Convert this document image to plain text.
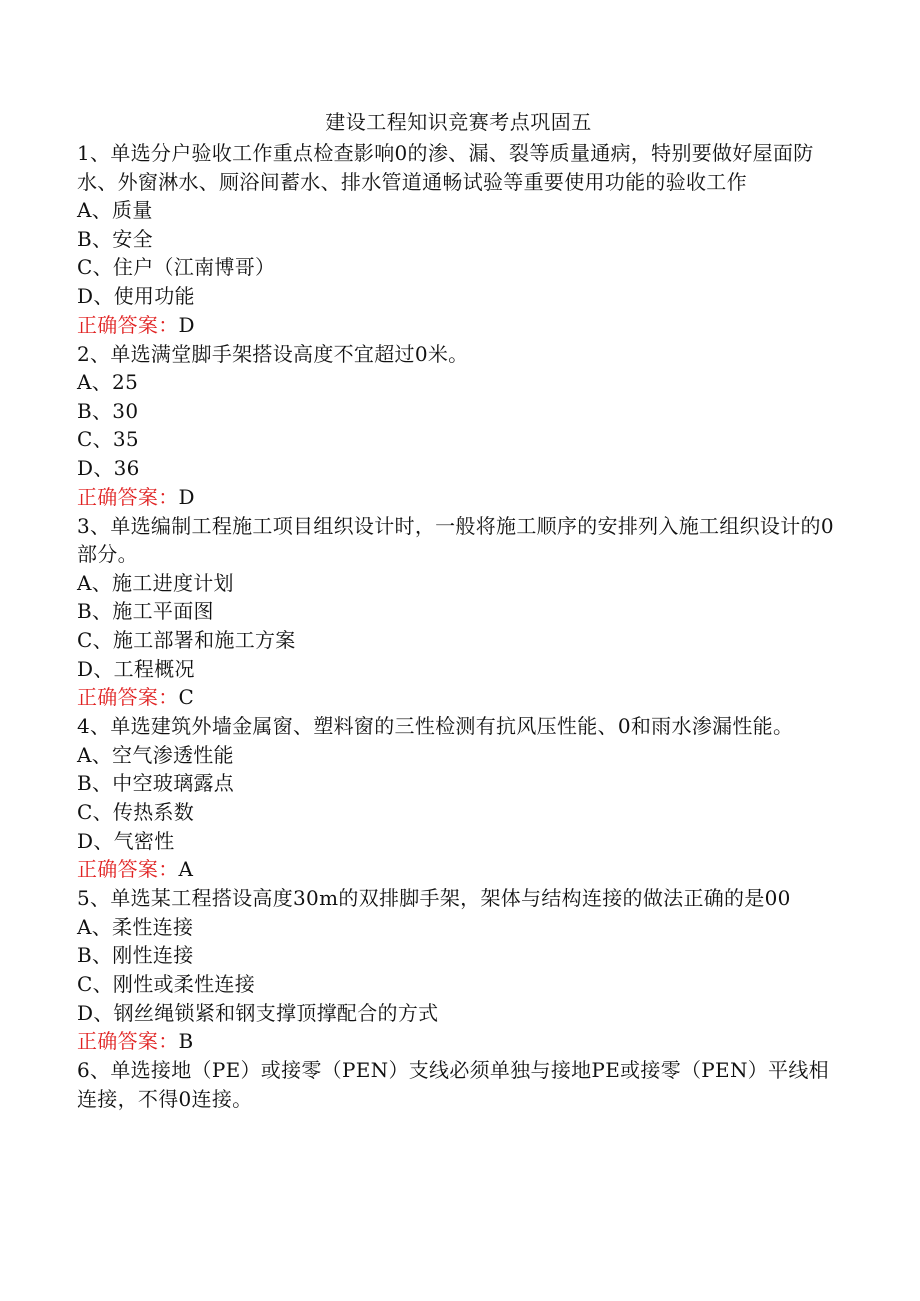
建设工程知识竞赛考点巩固五

1、单选分户验收工作重点检查影响0的渗、漏、裂等质量通病，特别要做好屋面防水、外窗淋水、厕浴间蓄水、排水管道通畅试验等重要使用功能的验收工作

A、质量

B、安全

C、住户（江南博哥）

D、使用功能

正确答案：D

2、单选满堂脚手架搭设高度不宜超过0米。

A、25

B、30

C、35

D、36

正确答案：D

3、单选编制工程施工项目组织设计时，一般将施工顺序的安排列入施工组织设计的0部分。

A、施工进度计划

B、施工平面图

C、施工部署和施工方案

D、工程概况

正确答案：C

4、单选建筑外墙金属窗、塑料窗的三性检测有抗风压性能、0和雨水渗漏性能。

A、空气渗透性能

B、中空玻璃露点

C、传热系数

D、气密性

正确答案：A

5、单选某工程搭设高度30m的双排脚手架，架体与结构连接的做法正确的是00

A、柔性连接

B、刚性连接

C、刚性或柔性连接

D、钢丝绳锁紧和钢支撑顶撑配合的方式

正确答案：B

6、单选接地（PE）或接零（PEN）支线必须单独与接地PE或接零（PEN）平线相连接，不得0连接。
